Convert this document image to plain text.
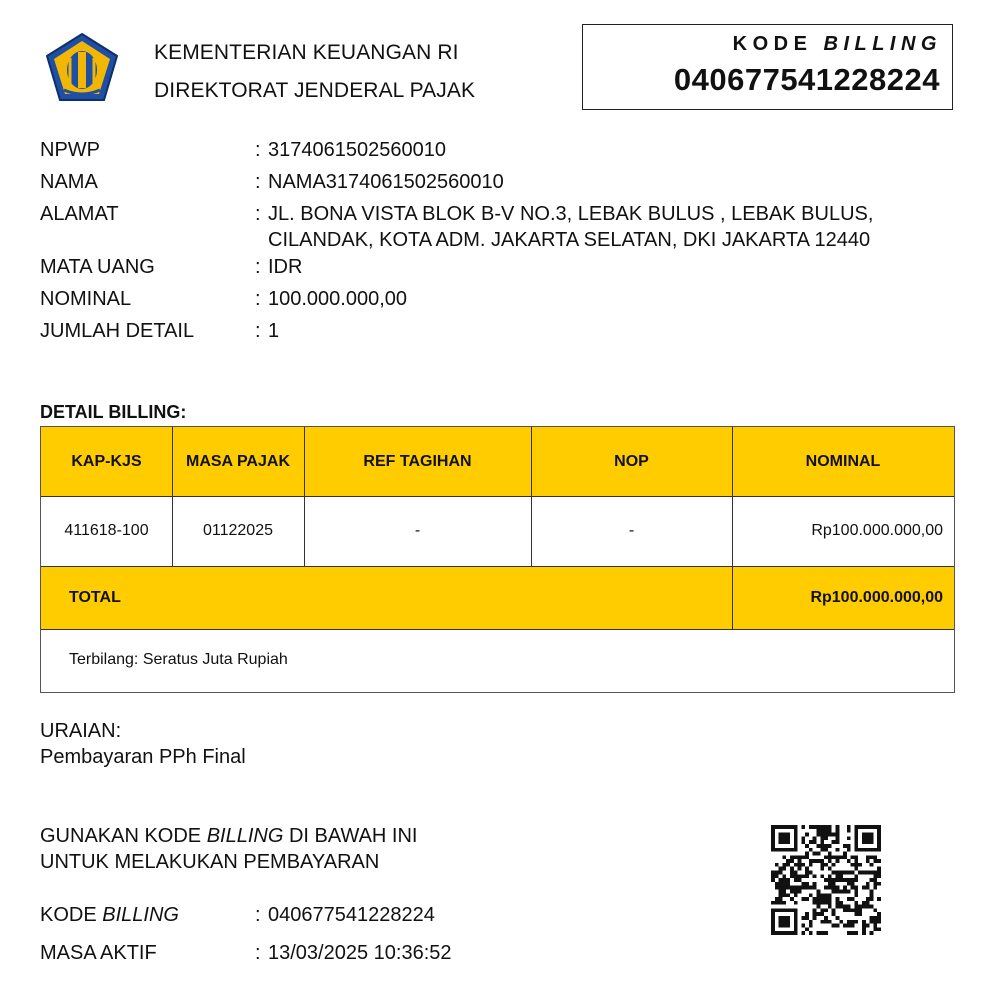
KEMENTERIAN KEUANGAN RI
DIREKTORAT JENDERAL PAJAK
KODE BILLING
040677541228224
NPWP	: 3174061502560010
NAMA	: NAMA3174061502560010
ALAMAT	: JL. BONA VISTA BLOK B-V NO.3, LEBAK BULUS , LEBAK BULUS,
CILANDAK, KOTA ADM. JAKARTA SELATAN, DKI JAKARTA 12440
MATA UANG	: IDR
NOMINAL	: 100.000.000,00
JUMLAH DETAIL	: 1
DETAIL BILLING:
KAP-KJS	MASA PAJAK	REF TAGIHAN	NOP	NOMINAL
411618-100	01122025	-	-	Rp100.000.000,00
TOTAL	Rp100.000.000,00
Terbilang: Seratus Juta Rupiah
URAIAN:
Pembayaran PPh Final
GUNAKAN KODE BILLING DI BAWAH INI
UNTUK MELAKUKAN PEMBAYARAN
KODE BILLING	: 040677541228224
MASA AKTIF	: 13/03/2025 10:36:52
